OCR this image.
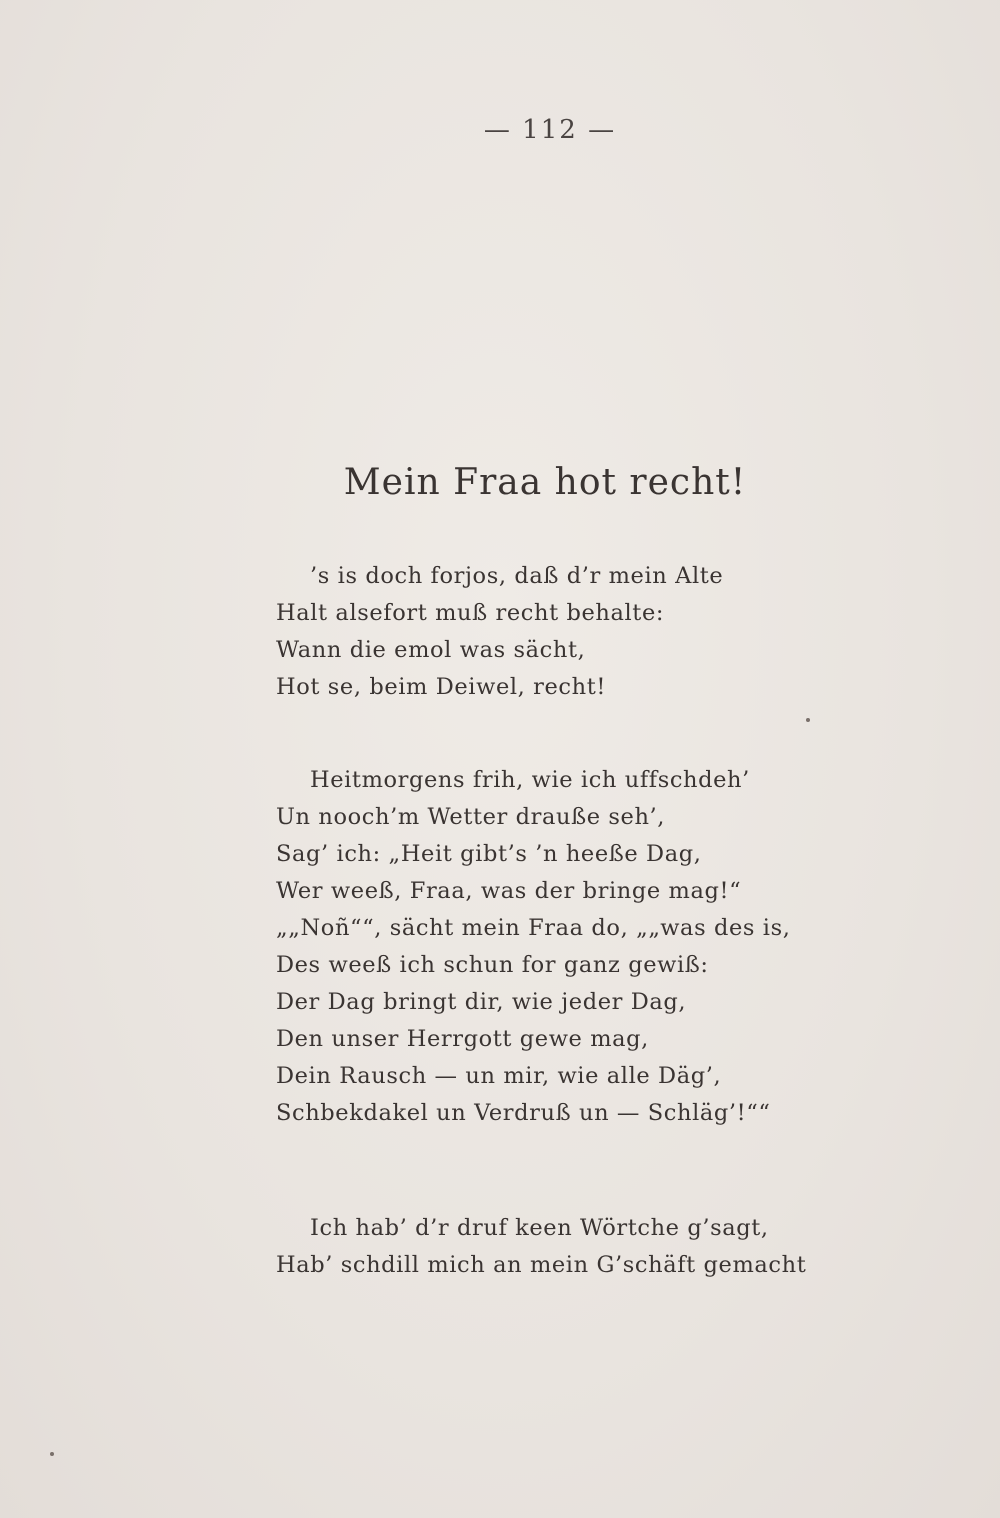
— 112 —
Mein Fraa hot recht!
’s is doch forjos, daß d’r mein Alte
Halt alsefort muß recht behalte:
Wann die emol was sächt,
Hot se, beim Deiwel, recht!
Heitmorgens frih, wie ich uffschdeh’
Un nooch’m Wetter drauße seh’,
Sag’ ich: „Heit gibt’s ’n heeße Dag,
Wer weeß, Fraa, was der bringe mag!“
„„Noñ““, sächt mein Fraa do, „„was des is,
Des weeß ich schun for ganz gewiß:
Der Dag bringt dir, wie jeder Dag,
Den unser Herrgott gewe mag,
Dein Rausch — un mir, wie alle Däg’,
Schbekdakel un Verdruß un — Schläg’!““
Ich hab’ d’r druf keen Wörtche g’sagt,
Hab’ schdill mich an mein G’schäft gemacht
